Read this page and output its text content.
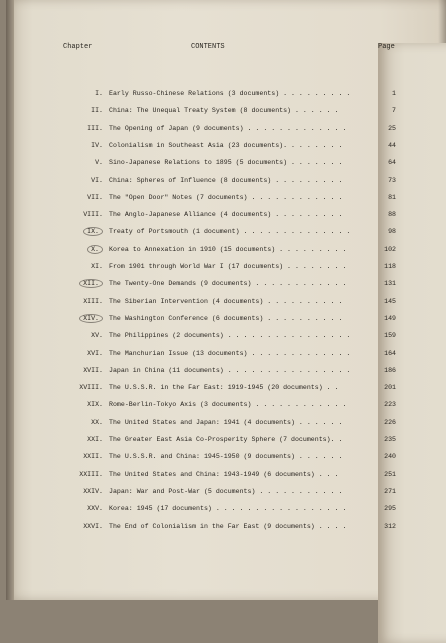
Chapter	CONTENTS	Page
I. Early Russo-Chinese Relations (3 documents) . . . . . . . . .	1
II. China: The Unequal Treaty System (8 documents) . . . . . .	7
III. The Opening of Japan (9 documents) . . . . . . . . . . . . .	25
IV. Colonialism in Southeast Asia (23 documents). . . . . . . .	44
V. Sino-Japanese Relations to 1895 (5 documents) . . . . . . .	64
VI. China: Spheres of Influence (8 documents) . . . . . . . . .	73
VII. The "Open Door" Notes (7 documents) . . . . . . . . . . . .	81
VIII. The Anglo-Japanese Alliance (4 documents) . . . . . . . . .	88
IX.	Treaty of Portsmouth (1 document) . . . . . . . . . . . . . .	98
X.	Korea to Annexation in 1910 (15 documents) . . . . . . . . .	102
XI. From 1901 through World War I (17 documents) . . . . . . . .	118
XII.	The Twenty-One Demands (9 documents) . . . . . . . . . . . .	131
XIII. The Siberian Intervention (4 documents) . . . . . . . . . .	145
XIV.	The Washington Conference (6 documents) . . . . . . . . . .	149
XV. The Philippines (2 documents) . . . . . . . . . . . . . . . .	159
XVI. The Manchurian Issue (13 documents) . . . . . . . . . . . . .	164
XVII. Japan in China (11 documents) . . . . . . . . . . . . . . . .	186
XVIII. The U.S.S.R. in the Far East: 1919-1945 (20 documents) . .	201
XIX. Rome-Berlin-Tokyo Axis (3 documents) . . . . . . . . . . . .	223
XX. The United States and Japan: 1941 (4 documents) . . . . . .	226
XXI. The Greater East Asia Co-Prosperity Sphere (7 documents). .	235
XXII. The U.S.S.R. and China: 1945-1950 (9 documents) . . . . . .	240
XXIII. The United States and China: 1943-1949 (6 documents) . . .	251
XXIV. Japan: War and Post-War (5 documents) . . . . . . . . . . .	271
XXV. Korea: 1945 (17 documents) . . . . . . . . . . . . . . . . .	295
XXVI. The End of Colonialism in the Far East (9 documents) . . . .	312
